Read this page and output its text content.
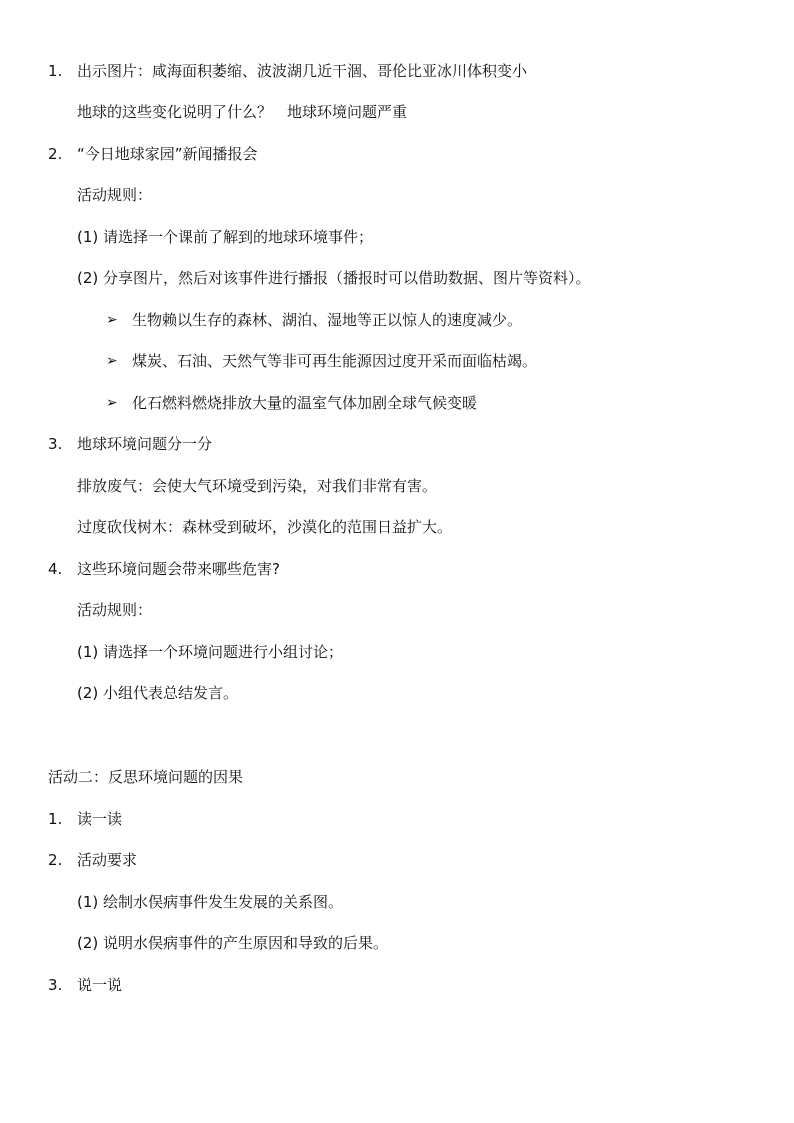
1. 出示图片：咸海面积萎缩、波波湖几近干涸、哥伦比亚冰川体积变小
地球的这些变化说明了什么？　地球环境问题严重
2. “今日地球家园”新闻播报会
活动规则：
(1) 请选择一个课前了解到的地球环境事件；
(2) 分享图片，然后对该事件进行播报（播报时可以借助数据、图片等资料）。
➢ 生物赖以生存的森林、湖泊、湿地等正以惊人的速度减少。
➢ 煤炭、石油、天然气等非可再生能源因过度开采而面临枯竭。
➢ 化石燃料燃烧排放大量的温室气体加剧全球气候变暖
3. 地球环境问题分一分
排放废气：会使大气环境受到污染，对我们非常有害。
过度砍伐树木：森林受到破坏，沙漠化的范围日益扩大。
4. 这些环境问题会带来哪些危害?
活动规则：
(1) 请选择一个环境问题进行小组讨论；
(2) 小组代表总结发言。
活动二：反思环境问题的因果
1. 读一读
2. 活动要求
(1) 绘制水俣病事件发生发展的关系图。
(2) 说明水俣病事件的产生原因和导致的后果。
3. 说一说
